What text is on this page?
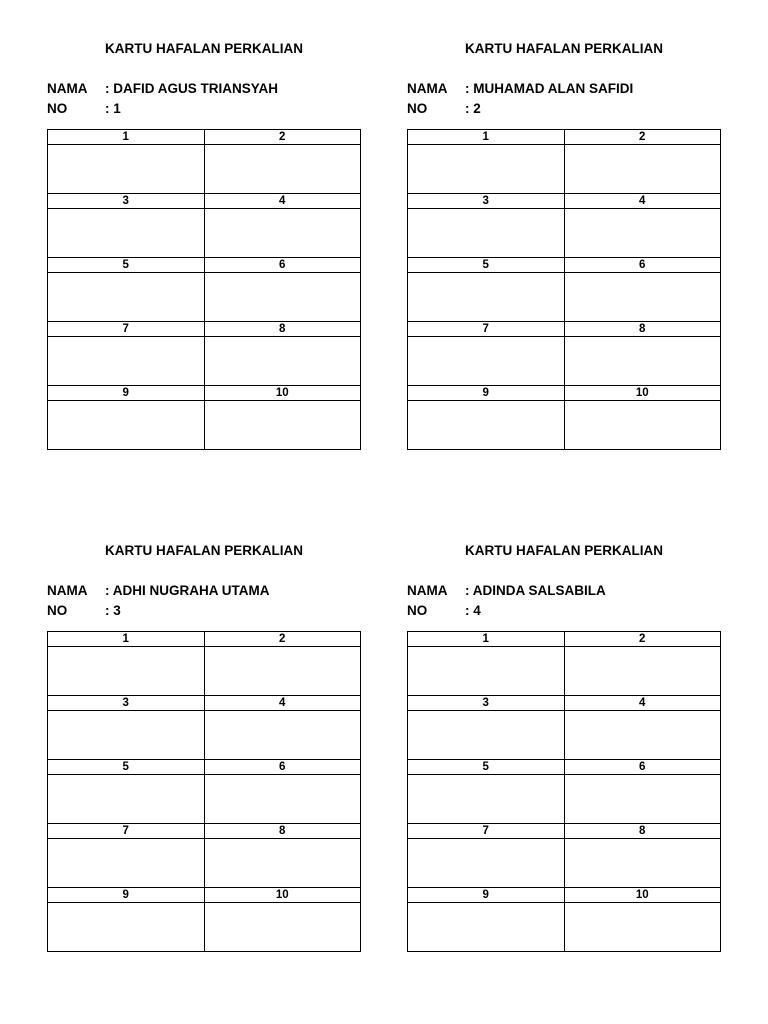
KARTU HAFALAN PERKALIAN
NAMA : DAFID AGUS TRIANSYAH
NO	: 1
1	2

3	4

5	6

7	8

9	10

KARTU HAFALAN PERKALIAN
NAMA : MUHAMAD ALAN SAFIDI
NO	: 2
1	2

3	4

5	6

7	8

9	10

KARTU HAFALAN PERKALIAN
NAMA : ADHI NUGRAHA UTAMA
NO	: 3
1	2

3	4

5	6

7	8

9	10

KARTU HAFALAN PERKALIAN
NAMA : ADINDA SALSABILA
NO	: 4
1	2

3	4

5	6

7	8

9	10
